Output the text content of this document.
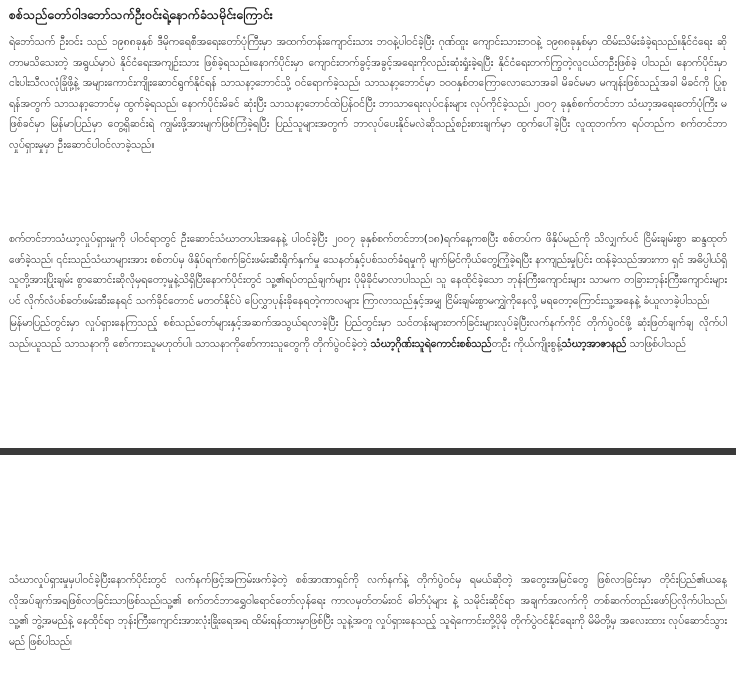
စစ်သည်တော်ဝါဒဘော်သက်ဦးဝင်းရဲ့နောက်ခံသမိုင်းကြောင်း

ရဲဘော်သက် ဦးဝင်း သည် ၁၉၈၈ခုနှစ် ဒီမိုကရေစီအရေးတော်ပုံကြီးမှာ အထက်တန်းကျောင်းသား ဘဝနဲ့ပါဝင်ခဲ့ပြီး ဂုဏ်ထူး ကျောင်းသားဘဝနဲ့ ၁၉၈၈ခုနှစ်မှာ ထိမ်းသိမ်းခံခဲ့ရသည်။နိုင်ငံရေး ဆိုတာမသိသေးတဲ့ အရွယ်မှာပဲ နိုင်ငံရေးအကျဉ်းသား ဖြစ်ခဲ့ရသည်။နောက်ပိုင်းမှာ ကျောင်းတက်ခွင့်အခွင့်အရေးကိုလည်းဆုံးရှုံးခဲ့ရပြီး နိုင်ငံရေးတက်ကြွတဲ့လူငယ်တဦးဖြစ်ခဲ့ ပါသည်၊ နောက်ပိုင်းမှာ ငါးပါးသီလလုံခြုံဖို့နဲ့ အများကောင်းကျိုးဆောင်ရွက်နိုင်ရန် သာသနာ့ဘောင်သို့ ဝင်ရောက်ခဲ့သည်၊ သာသနာ့ဘောင်မှာ ၁၀ဝနှစ်တကြောလောသောအခါ မိခင်မမာ မကျန်းဖြစ်သည့်အခါ မိခင်ကို ပြုစုရန်အတွက် သာသနာ့ဘောင်မှ ထွက်ခဲ့ရသည်၊ နောက်ပိုင်းမိခင် ဆုံးပြီး သာသနာ့ဘောင်ထဲပြန်ဝင်ပြီး ဘာသာရေးလုပ်ငန်းများ လုပ်ကိုင်ခဲ့သည်၊ ၂၀၀၇ ခုနှစ်စက်တင်ဘာ သံဃာ့အရေးတော်ပုံကြီး မဖြစ်ခင်မှာ မြန်မာပြည်မှာ တွေ့ရှိဆင်းရဲ ကျွမ်းဖို့အားမျက်ဖြစ်ကြံခဲ့ရပြီး ပြည်သူများအတွက် ဘာလုပ်ပေးနိုင်မလဲဆိုသည့်စဉ်းစားချက်မှာ ထွက်ပေါ်ခဲ့ပြီး လူထုဘက်က ရပ်တည်က စက်တင်ဘာလှုပ်ရှားမှုမှာ ဦးဆောင်ပါဝင်လာခဲ့သည်။

စက်တင်ဘာသံဃာ့လှုပ်ရှားမှုကို ပါဝင်ရာတွင် ဦးဆောင်သံဃာတပါးအနေနဲ့ ပါဝင်ခဲ့ပြီး ၂၀၀၇ ခုနှစ်စက်တင်ဘာ(၁၈)ရက်နေ့ကစပြီး စစ်တပ်က ဖိနှိပ်မည်ကို သိလျှက်ပင် ငြိမ်းချမ်းစွာ ဆန္ဒထုတ် ဖော်ခဲ့သည်၊ ၎င်းသည်သံဃာများအား စစ်တပ်မှ ဖိနှိပ်ရက်စက်ခြင်းဖမ်းဆီးရိုက်နှက်မှု သေနတ်နှင့်ပစ်သတ်ခံရမှုကို မျက်မြင်ကိုယ်တွေ့ကြုံခဲ့ရပြီး နာကျည်းမှုပြင်း ထန်ခဲ့သည်အားကာ ရှင် အဓိပ္ပါယ်ရှိသူတို့အားပြိုးချမ်း စွာဆောင်းဆိုလိုမှရတော့မှုနဲ့သိရှိပြီးနောက်ပိုင်းတွင် သူ့၏ရပ်တည်ချက်များ ပိုမိုခိုင်မာလာပါသည်၊ သူ နေထိုင်ခဲ့သော ဘုန်းကြီးကျောင်းများ သာမက တခြားဘုန်းကြီးကျောင်းများပင် လိုက်လံပစ်ခတ်ဖမ်းဆီးနေရင် သက်ခိုင်တောင် မတတ်နိုင်ပဲ ပြေလွှာပုန်းခိုနေရတဲ့ကာလများ ကြာလာသည်နှင့်အမျှ ငြိမ်းချမ်းစွာမကျွှဲကိုနေလို့ မရတော့ကြောင်းသူ့အနေနဲ့ ခံယူလာခဲ့ပါသည်၊

မြန်မာပြည်တွင်းမှာ လှုပ်ရှားနေကြသည့် စစ်သည်တော်များနှင့်အဆက်အသွယ်ရလာခဲ့ပြီး ပြည်တွင်းမှာ သင်တန်းများတက်ခြင်းများလုပ်ခဲ့ပြီးလက်နက်ကိုင် တိုက်ပွဲဝင်ဖို့ ဆုံးဖြတ်ချက်ချ လိုက်ပါသည်၊ယူသည် သာသနာကို စော်ကားသူမဟုတ်ပါ၊ သာသနာကိုစော်ကားသူတွေကို တိုက်ပွဲဝင်ခဲ့တဲ့ သံဃာ့ဂိုဏ်းသူရဲကောင်းစစ်သည်တဦး ကိုယ်ကျိုးစွန့်သံဃာ့အာဇာနည် သာဖြစ်ပါသည်

သံဃာလှုပ်ရှားမှုမှပါဝင်ခဲ့ပြီးနောက်ပိုင်းတွင် လက်နက်ဖြင့်အကြမ်းဖက်ခဲ့တဲ့ စစ်အာဏာရှင်ကို လက်နက်နဲ့ တိုက်ပွဲဝင်မှ ရမယ်ဆိုတဲ့ အတွေးအမြင်တွေ ဖြစ်လာခြင်းမှာ တိုင်းပြည်၏ယနေ့လိုအပ်ချက်အရဖြစ်လာခြင်းသာဖြစ်သည်၊သူ့၏ စက်တင်ဘာရွှေဝါရောင်တော်လှန်ရေး ကာလမှတ်တမ်းဝင် ဓါတ်ပုံများ နဲ့ သမိုင်းဆိုင်ရာ အချက်အလက်ကို တစ်ဆက်တည်းဖော်ပြလိုက်ပါသည်၊သူ့၏ ဘွဲ့အမည်နဲ့ နေထိုင်ရာ ဘုန်းကြီးကျောင်းအားလုံးခြိုးရေအရ ထိမ်းရန်ထားမှာဖြစ်ပြီး သူနဲ့အတူ လှုပ်ရှားနေသည့် သူရဲကောင်းတို့ပိုမို တိုက်ပွဲဝင်နိုင်ရေးကို မိမိတို့မှ အလေးထား လုပ်ဆောင်သွားမည် ဖြစ်ပါသည်၊
